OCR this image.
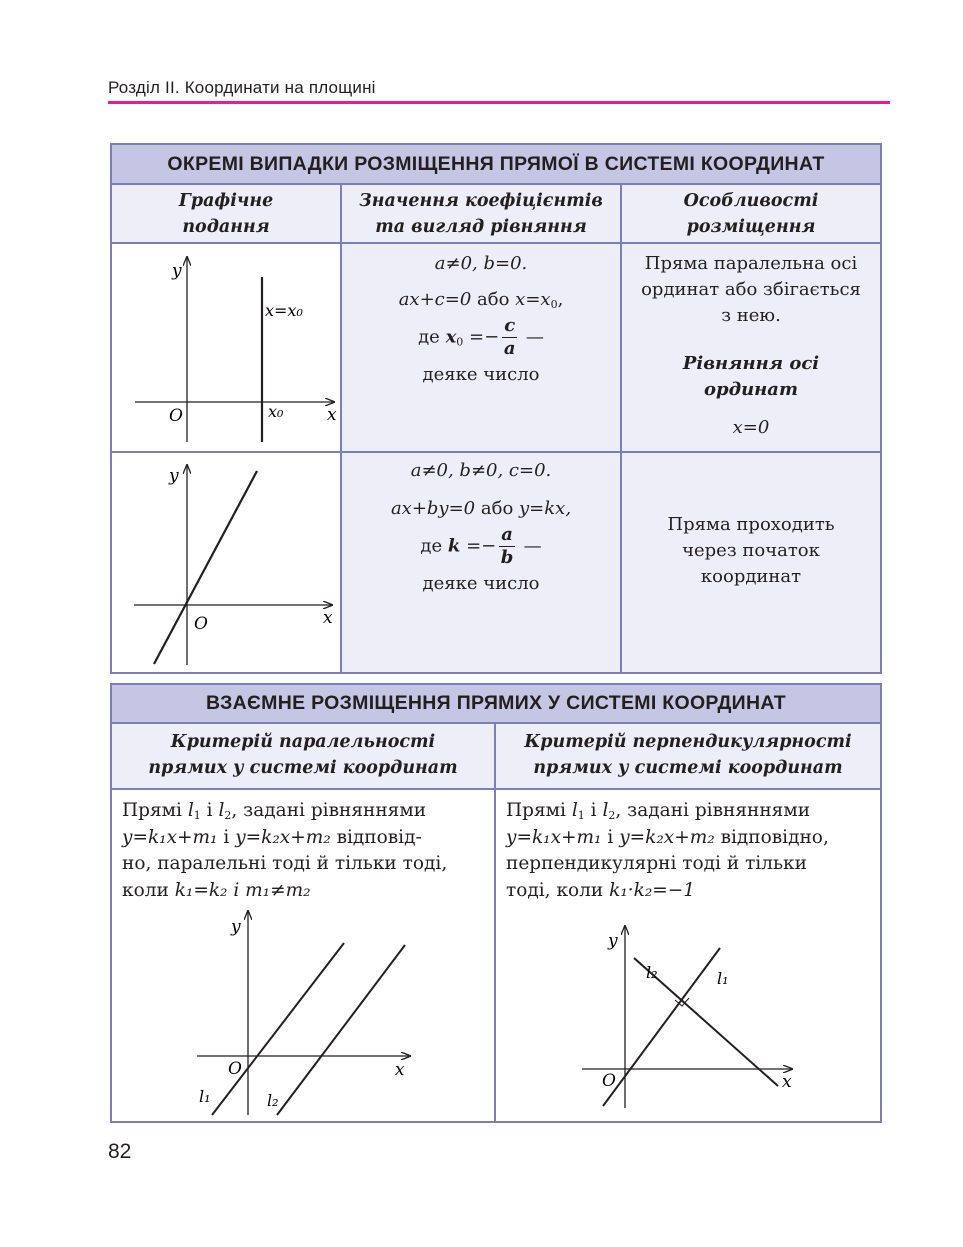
Розділ ІІ. Координати на площині
ОКРЕМІ ВИПАДКИ РОЗМІЩЕННЯ ПРЯМОЇ В СИСТЕМІ КООРДИНАТ
Графічне
подання
Значення коефіцієнтів
та вигляд рівняння
Особливості
розміщення
y
x
O
x=x₀
x₀

a≠0, b=0.

ax+c=0 або $x=x_0$,

де $x_0 =- \frac{c}{a}$ —

деяке число

Пряма паралельна осі

ординат або збігається

з нею.

Рівняння осі

ординат

x=0

y
x
O

a≠0, b≠0, c=0.

ax+by=0 або y=kx,

де $k =- \frac{a}{b}$ —

деяке число

Пряма проходить

через початок

координат

ВЗАЄМНЕ РОЗМІЩЕННЯ ПРЯМИХ У СИСТЕМІ КООРДИНАТ
Критерій паралельності
прямих у системі координат
Критерій перпендикулярності
прямих у системі координат
Прямі $l_1$ і $l_2$, задані рівняннями
y=k₁x+m₁ і y=k₂x+m₂ відповід-
но, паралельні тоді й тільки тоді,
коли k₁=k₂ і m₁≠m₂
y
x
O
l₁	l₂
Прямі $l_1$ і $l_2$, задані рівняннями
y=k₁x+m₁ і y=k₂x+m₂ відповідно,
перпендикулярні тоді й тільки
тоді, коли k₁·k₂=−1
y
x
O
l₂	l₁
82
